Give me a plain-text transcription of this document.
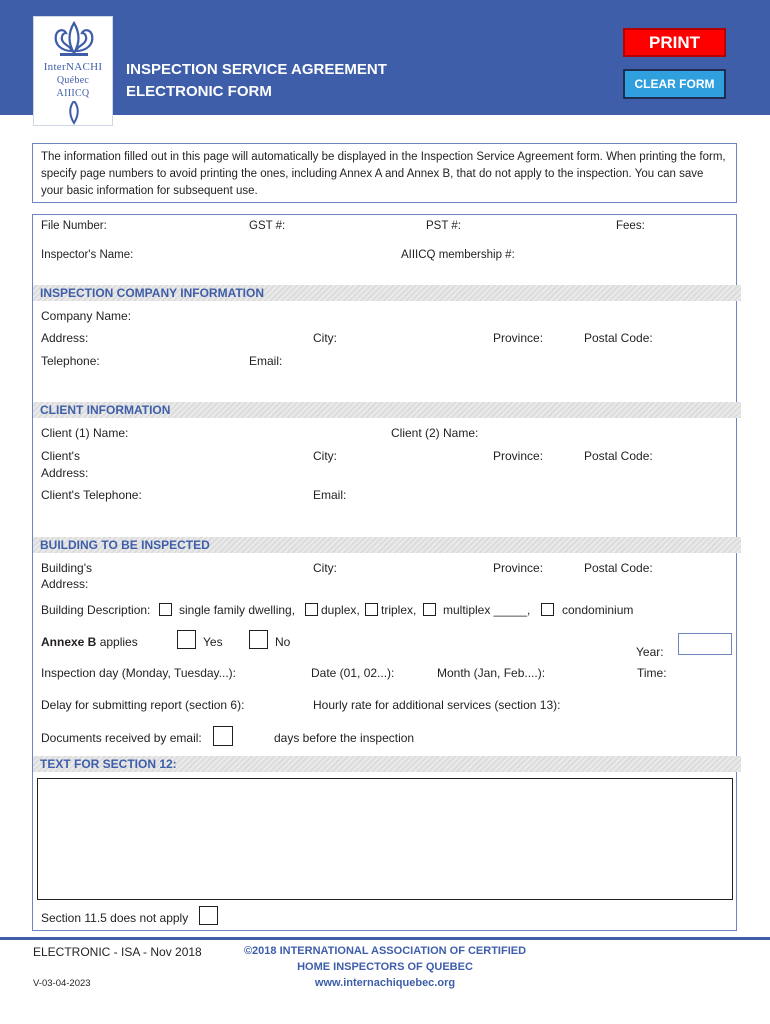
InterNACHI
Québec
AIIICQ
INSPECTION SERVICE AGREEMENT
ELECTRONIC FORM
PRINT
CLEAR FORM
The information filled out in this page will automatically be displayed in the Inspection Service Agreement form. When printing the form, specify page numbers to avoid printing the ones, including Annex A and Annex B, that do not apply to the inspection. You can save your basic information for subsequent use.
File Number:	GST #:	PST #:	Fees:
Inspector's Name:	AIIICQ membership #:
INSPECTION COMPANY INFORMATION
Company Name:
Address:	City:	Province:	Postal Code:
Telephone:	Email:
CLIENT INFORMATION
Client (1) Name:	Client (2) Name:
Client's
Address:
City:	Province:	Postal Code:
Client's Telephone:	Email:
BUILDING TO BE INSPECTED
Building's
Address:
City:	Province:	Postal Code:
Building Description: single family dwelling, duplex, triplex, multiplex _____,	condominium
Annexe B applies	Yes	No
Year:
Inspection day (Monday, Tuesday...):	Date (01, 02...):	Month (Jan, Feb....):	Time:
Delay for submitting report (section 6):	Hourly rate for additional services (section 13):
Documents received by email:	days before the inspection
TEXT FOR SECTION 12:
Section 11.5 does not apply
ELECTRONIC - ISA - Nov 2018
V-03-04-2023
©2018 INTERNATIONAL ASSOCIATION OF CERTIFIED
HOME INSPECTORS OF QUEBEC
www.internachiquebec.org
